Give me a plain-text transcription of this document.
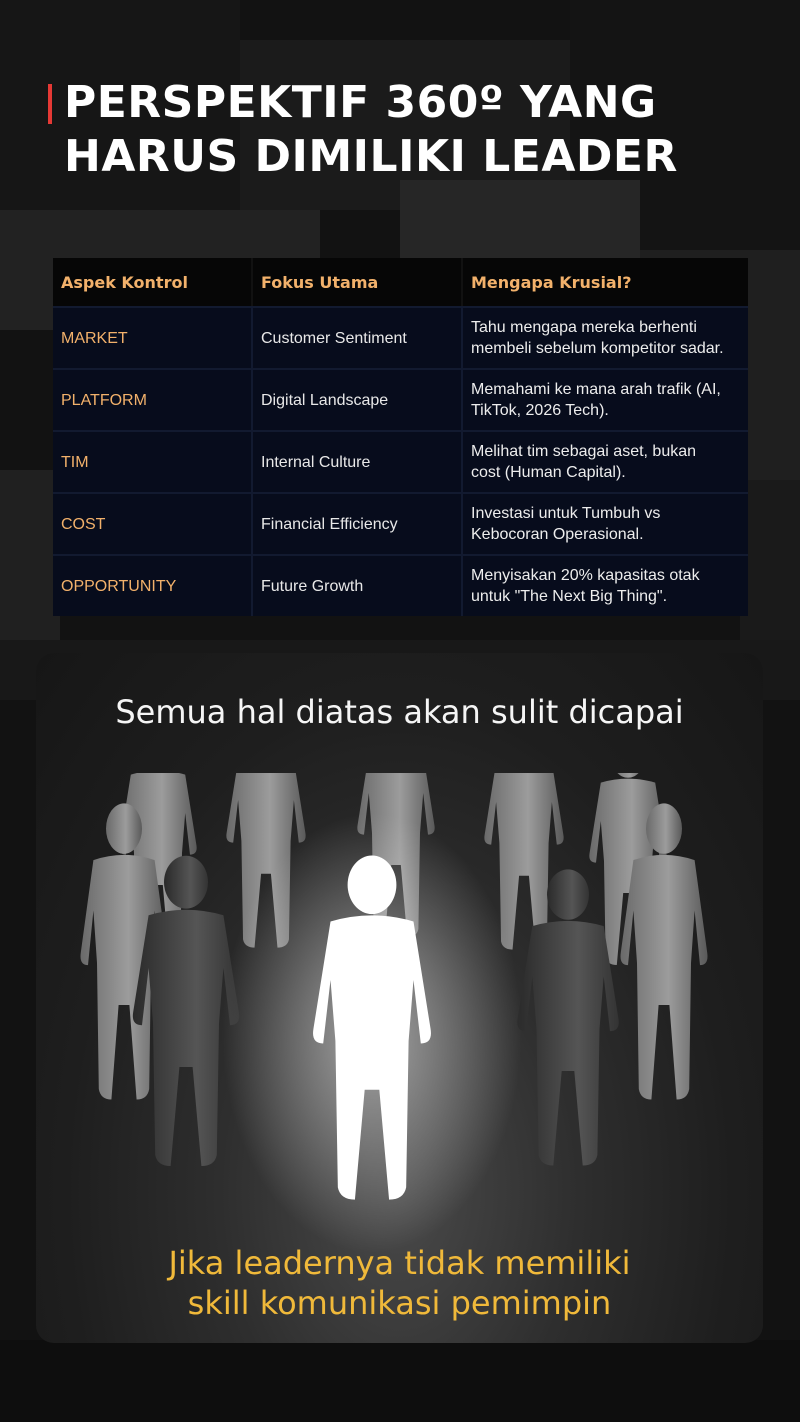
PERSPEKTIF 360º YANG
HARUS DIMILIKI LEADER
Aspek Kontrol	Fokus Utama	Mengapa Krusial?
MARKET	Customer Sentiment	Tahu mengapa mereka berhenti
membeli sebelum kompetitor sadar.
PLATFORM	Digital Landscape	Memahami ke mana arah trafik (AI,
TikTok, 2026 Tech).
TIM	Internal Culture	Melihat tim sebagai aset, bukan
cost (Human Capital).
COST	Financial Efficiency	Investasi untuk Tumbuh vs
Kebocoran Operasional.
OPPORTUNITY	Future Growth	Menyisakan 20% kapasitas otak
untuk "The Next Big Thing".
Semua hal diatas akan sulit dicapai
Jika leadernya tidak memiliki
skill komunikasi pemimpin
